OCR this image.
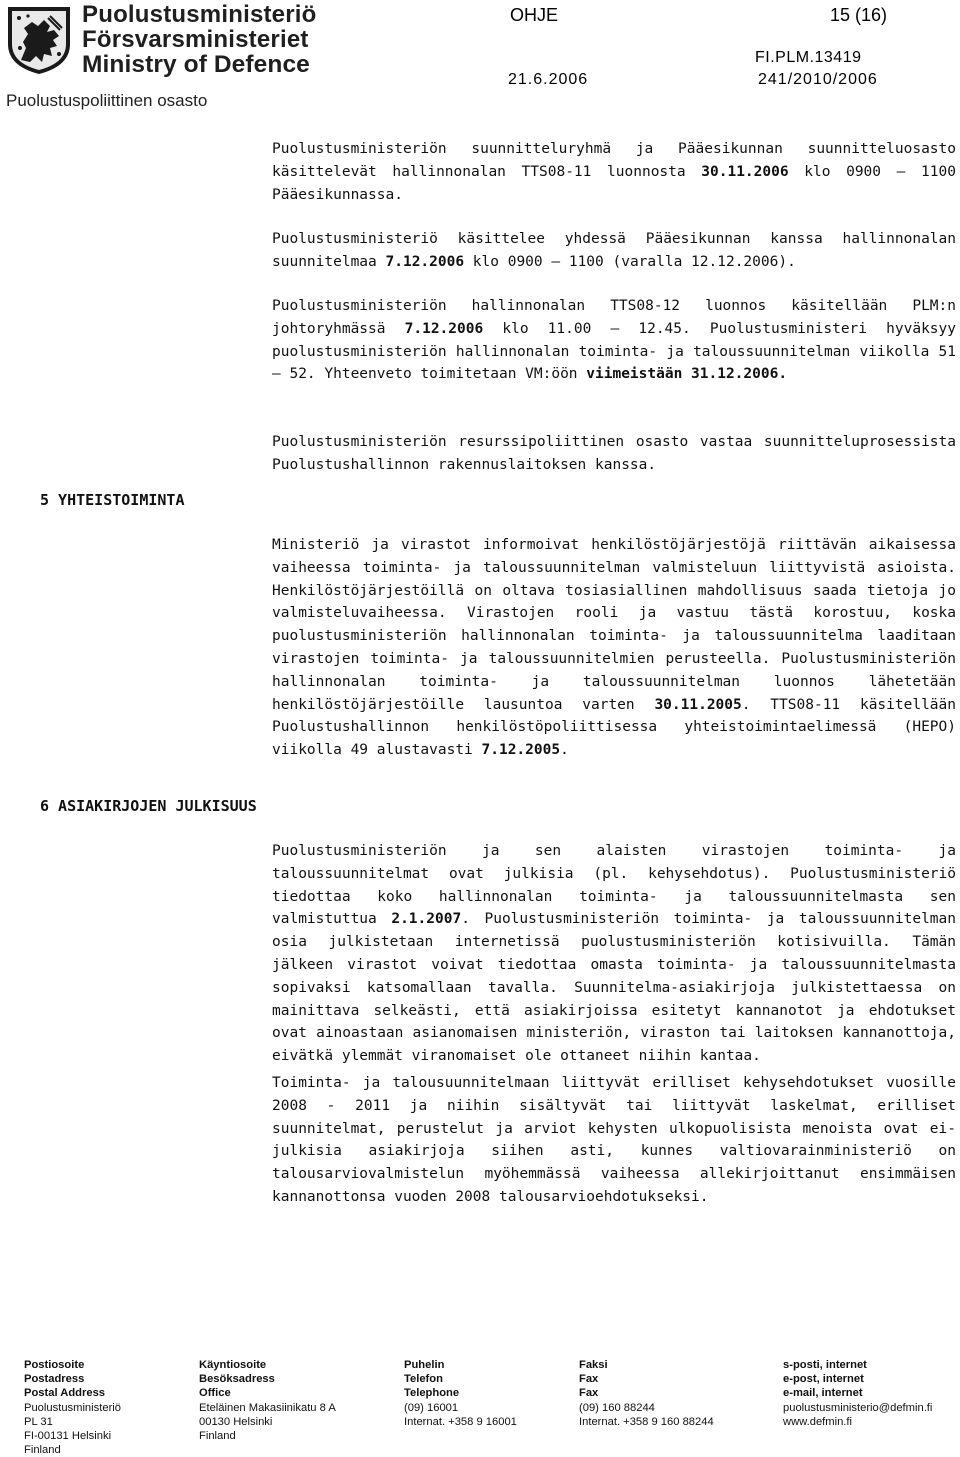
Puolustusministeriö
Försvarsministeriet
Ministry of Defence
Puolustuspoliittinen osasto
OHJE	15 (16)
FI.PLM.13419
21.6.2006	241/2010/2006

Puolustusministeriön suunnitteluryhmä ja Pääesikunnan suunnitteluosasto käsittelevät hallinnonalan TTS08-11 luonnosta 30.11.2006 klo 0900 – 1100 Pääesikunnassa.

Puolustusministeriö käsittelee yhdessä Pääesikunnan kanssa hallinnonalan suunnitelmaa 7.12.2006 klo 0900 – 1100 (varalla 12.12.2006).

Puolustusministeriön hallinnonalan TTS08-12 luonnos käsitellään PLM:n johtoryhmässä 7.12.2006 klo 11.00 – 12.45. Puolustusministeri hyväksyy puolustusministeriön hallinnonalan toiminta- ja taloussuunnitelman viikolla 51 – 52. Yhteenveto toimitetaan VM:öön viimeistään 31.12.2006.

Puolustusministeriön resurssipoliittinen osasto vastaa suunnitteluprosessista Puolustushallinnon rakennuslaitoksen kanssa.

5 YHTEISTOIMINTA

Ministeriö ja virastot informoivat henkilöstöjärjestöjä riittävän aikaisessa vaiheessa toiminta- ja taloussuunnitelman valmisteluun liittyvistä asioista. Henkilöstöjärjestöillä on oltava tosiasiallinen mahdollisuus saada tietoja jo valmisteluvaiheessa. Virastojen rooli ja vastuu tästä korostuu, koska puolustusministeriön hallinnonalan toiminta- ja taloussuunnitelma laaditaan virastojen toiminta- ja taloussuunnitelmien perusteella. Puolustusministeriön hallinnonalan toiminta- ja taloussuunnitelman luonnos lähetetään henkilöstöjärjestöille lausuntoa varten 30.11.2005. TTS08-11 käsitellään Puolustushallinnon henkilöstöpoliittisessa yhteistoimintaelimessä (HEPO) viikolla 49 alustavasti 7.12.2005.

6 ASIAKIRJOJEN JULKISUUS

Puolustusministeriön ja sen alaisten virastojen toiminta- ja taloussuunnitelmat ovat julkisia (pl. kehysehdotus). Puolustusministeriö tiedottaa koko hallinnonalan toiminta- ja taloussuunnitelmasta sen valmistuttua 2.1.2007. Puolustusministeriön toiminta- ja taloussuunnitelman osia julkistetaan internetissä puolustusministeriön kotisivuilla. Tämän jälkeen virastot voivat tiedottaa omasta toiminta- ja taloussuunnitelmasta sopivaksi katsomallaan tavalla. Suunnitelma-asiakirjoja julkistettaessa on mainittava selkeästi, että asiakirjoissa esitetyt kannanotot ja ehdotukset ovat ainoastaan asianomaisen ministeriön, viraston tai laitoksen kannanottoja, eivätkä ylemmät viranomaiset ole ottaneet niihin kantaa.

Toiminta- ja talousuunnitelmaan liittyvät erilliset kehysehdotukset vuosille 2008 - 2011 ja niihin sisältyvät tai liittyvät laskelmat, erilliset suunnitelmat, perustelut ja arviot kehysten ulkopuolisista menoista ovat ei-julkisia asiakirjoja siihen asti, kunnes valtiovarainministeriö on talousarviovalmistelun myöhemmässä vaiheessa allekirjoittanut ensimmäisen kannanottonsa vuoden 2008 talousarvioehdotukseksi.

Postiosoite
Postadress
Postal Address
Puolustusministeriö
PL 31
FI-00131 Helsinki
Finland
Käyntiosoite
Besöksadress
Office
Eteläinen Makasiinikatu 8 A
00130 Helsinki
Finland
Puhelin
Telefon
Telephone
(09) 16001
Internat. +358 9 16001
Faksi
Fax
Fax
(09) 160 88244
Internat. +358 9 160 88244
s-posti, internet
e-post, internet
e-mail, internet
puolustusministerio@defmin.fi
www.defmin.fi
